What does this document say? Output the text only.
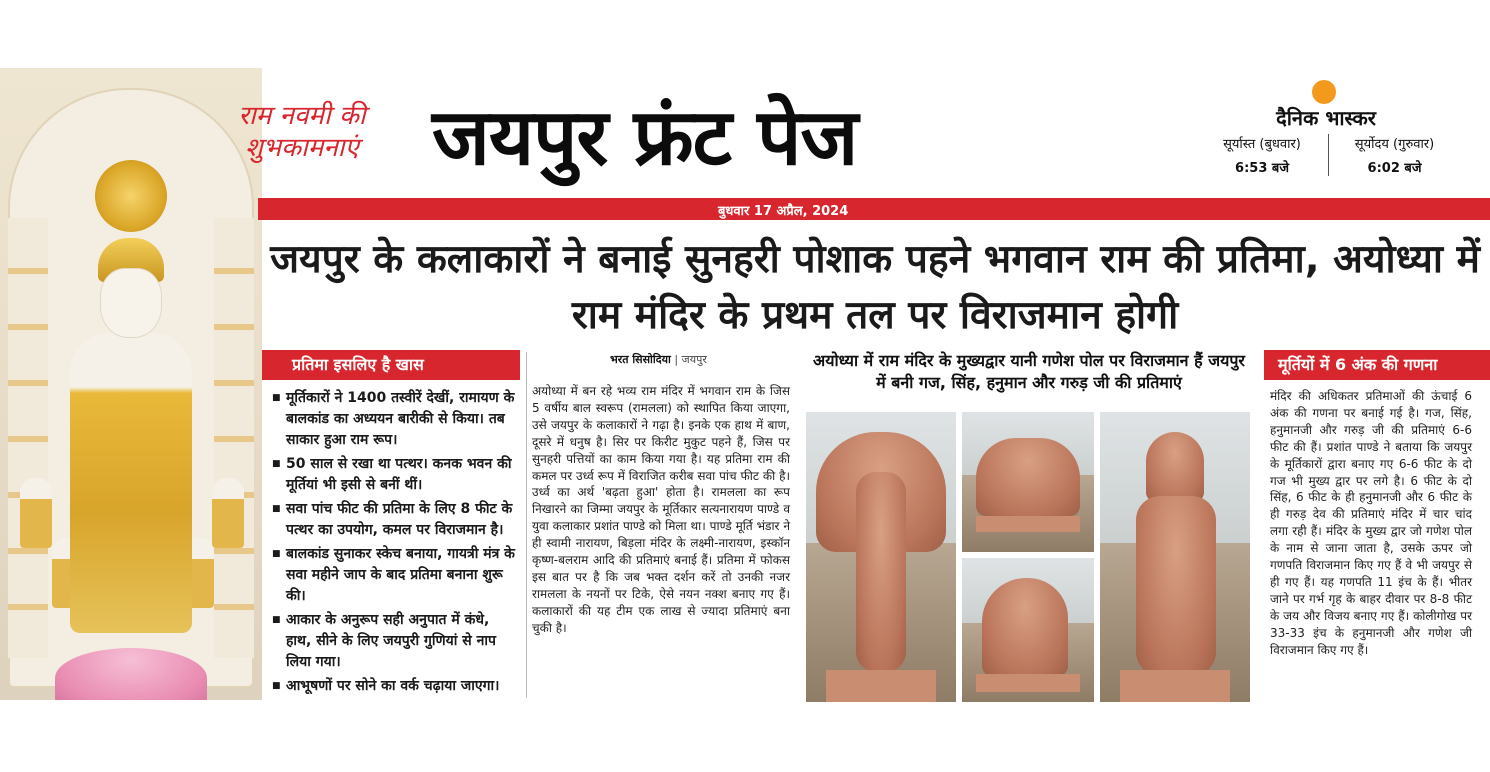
राम नवमी की
शुभकामनाएं जयपुर फ्रंट पेज	दैनिक भास्कर
सूर्यास्त (बुधवार)
6:53 बजे
सूर्योदय (गुरुवार)
6:02 बजे
बुधवार 17 अप्रैल, 2024
जयपुर के कलाकारों ने बनाई सुनहरी पोशाक पहने भगवान राम की प्रतिमा, अयोध्या में राम मंदिर के प्रथम तल पर विराजमान होगी
प्रतिमा इसलिए है खास
■ मूर्तिकारों ने 1400 तस्वीरें देखीं, रामायण के बालकांड का अध्ययन बारीकी से किया। तब साकार हुआ राम रूप।
■ 50 साल से रखा था पत्थर। कनक भवन की मूर्तियां भी इसी से बनीं थीं।
■ सवा पांच फीट की प्रतिमा के लिए 8 फीट के पत्थर का उपयोग, कमल पर विराजमान है।
■ बालकांड सुनाकर स्केच बनाया, गायत्री मंत्र के सवा महीने जाप के बाद प्रतिमा बनाना शुरू की।
■ आकार के अनुरूप सही अनुपात में कंधे, हाथ, सीने के लिए जयपुरी गुणियां से नाप लिया गया।
■ आभूषणों पर सोने का वर्क चढ़ाया जाएगा।
भरत सिसोदिया | जयपुर
अयोध्या में बन रहे भव्य राम मंदिर में भगवान राम के जिस 5 वर्षीय बाल स्वरूप (रामलला) को स्थापित किया जाएगा, उसे जयपुर के कलाकारों ने गढ़ा है। इनके एक हाथ में बाण, दूसरे में धनुष है। सिर पर किरीट मुकुट पहने हैं, जिस पर सुनहरी पत्तियों का काम किया गया है। यह प्रतिमा राम की कमल पर उर्ध्व रूप में विराजित करीब सवा पांच फीट की है। उर्ध्व का अर्थ 'बढ़ता हुआ' होता है। रामलला का रूप निखारने का जिम्मा जयपुर के मूर्तिकार सत्यनारायण पाण्डे व युवा कलाकार प्रशांत पाण्डे को मिला था। पाण्डे मूर्ति भंडार ने ही स्वामी नारायण, बिड़ला मंदिर के लक्ष्मी-नारायण, इस्कॉन कृष्ण-बलराम आदि की प्रतिमाएं बनाई हैं। प्रतिमा में फोकस इस बात पर है कि जब भक्त दर्शन करें तो उनकी नजर रामलला के नयनों पर टिके, ऐसे नयन नक्श बनाए गए हैं। कलाकारों की यह टीम एक लाख से ज्यादा प्रतिमाएं बना चुकी है।
अयोध्या में राम मंदिर के मुख्यद्वार यानी गणेश पोल पर विराजमान हैं जयपुर में बनी गज, सिंह, हनुमान और गरुड़ जी की प्रतिमाएं
मूर्तियों में 6 अंक की गणना
मंदिर की अधिकतर प्रतिमाओं की ऊंचाई 6 अंक की गणना पर बनाई गई है। गज, सिंह, हनुमानजी और गरुड़ जी की प्रतिमाएं 6-6 फीट की हैं। प्रशांत पाण्डे ने बताया कि जयपुर के मूर्तिकारों द्वारा बनाए गए 6-6 फीट के दो गज भी मुख्य द्वार पर लगे है। 6 फीट के दो सिंह, 6 फीट के ही हनुमानजी और 6 फीट के ही गरुड़ देव की प्रतिमाएं मंदिर में चार चांद लगा रही हैं। मंदिर के मुख्य द्वार जो गणेश पोल के नाम से जाना जाता है, उसके ऊपर जो गणपति विराजमान किए गए हैं वे भी जयपुर से ही गए हैं। यह गणपति 11 इंच के हैं। भीतर जाने पर गर्भ गृह के बाहर दीवार पर 8-8 फीट के जय और विजय बनाए गए हैं। कोलीगोख पर 33-33 इंच के हनुमानजी और गणेश जी विराजमान किए गए हैं।
